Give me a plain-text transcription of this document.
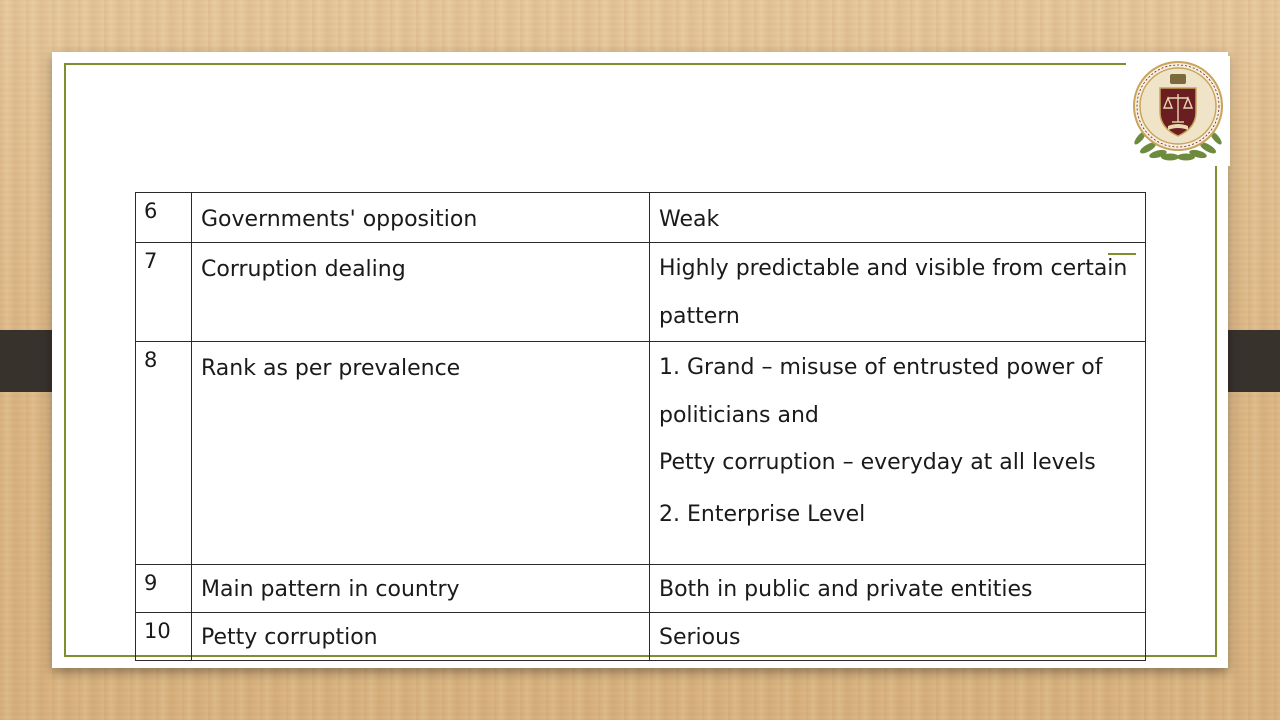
6	Governments' opposition	Weak

7	Corruption dealing	Highly predictable and visible from certain pattern

8	Rank as per prevalence	1. Grand – misuse of entrusted power of politicians and
Petty corruption – everyday at all levels
2. Enterprise Level

9	Main pattern in country	Both in public and private entities

10	Petty corruption	Serious
